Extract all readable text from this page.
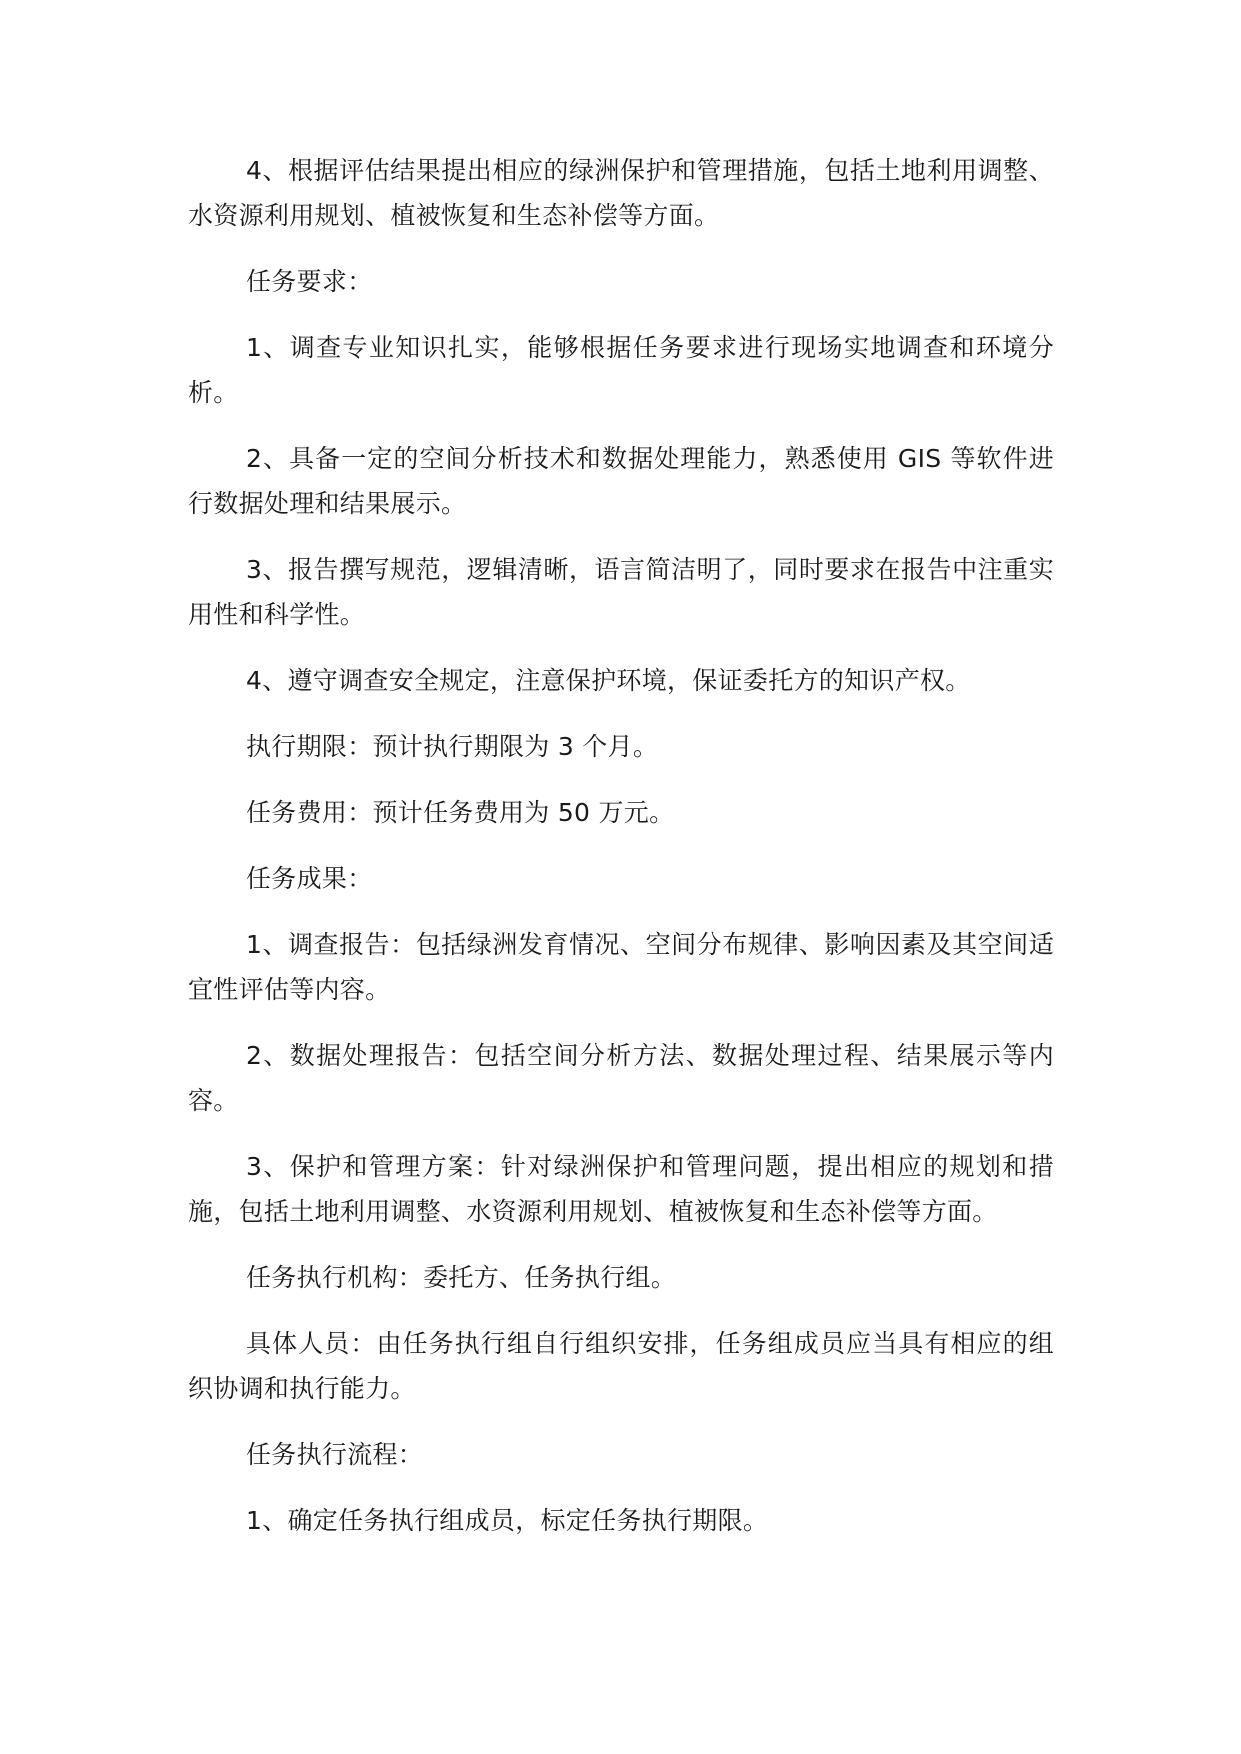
4、根据评估结果提出相应的绿洲保护和管理措施，包括土地利用调整、水资源利用规划、植被恢复和生态补偿等方面。

任务要求：

1、调查专业知识扎实，能够根据任务要求进行现场实地调查和环境分析。

2、具备一定的空间分析技术和数据处理能力，熟悉使用 GIS 等软件进行数据处理和结果展示。

3、报告撰写规范，逻辑清晰，语言简洁明了，同时要求在报告中注重实用性和科学性。

4、遵守调查安全规定，注意保护环境，保证委托方的知识产权。

执行期限：预计执行期限为 3 个月。

任务费用：预计任务费用为 50 万元。

任务成果：

1、调查报告：包括绿洲发育情况、空间分布规律、影响因素及其空间适宜性评估等内容。

2、数据处理报告：包括空间分析方法、数据处理过程、结果展示等内容。

3、保护和管理方案：针对绿洲保护和管理问题，提出相应的规划和措施，包括土地利用调整、水资源利用规划、植被恢复和生态补偿等方面。

任务执行机构：委托方、任务执行组。

具体人员：由任务执行组自行组织安排，任务组成员应当具有相应的组织协调和执行能力。

任务执行流程：

1、确定任务执行组成员，标定任务执行期限。
